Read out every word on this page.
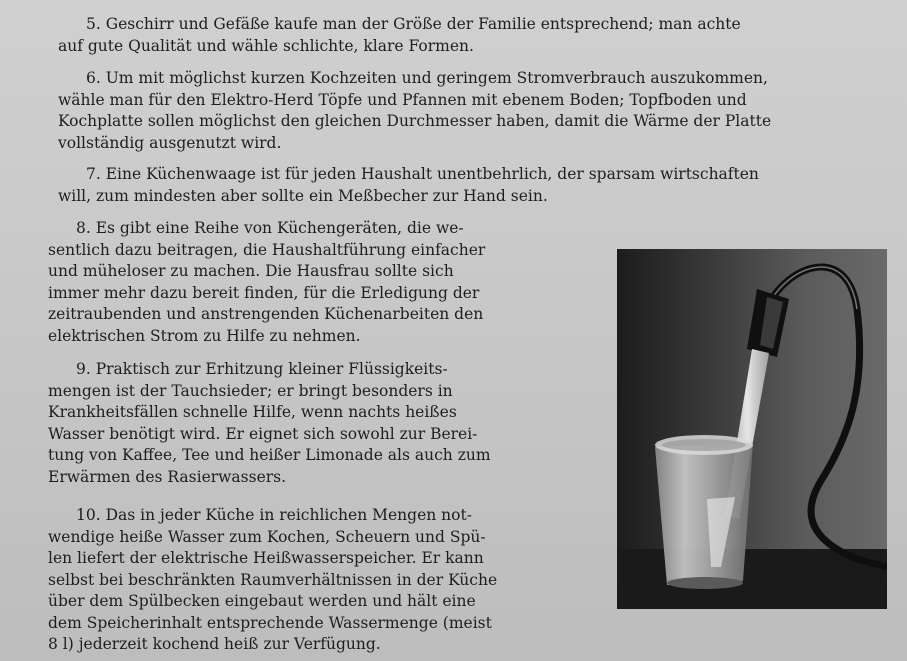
5. Geschirr und Gefäße kaufe man der Größe der Familie entsprechend; man achte
auf gute Qualität und wähle schlichte, klare Formen.
6. Um mit möglichst kurzen Kochzeiten und geringem Stromverbrauch auszukommen,
wähle man für den Elektro-Herd Töpfe und Pfannen mit ebenem Boden; Topfboden und
Kochplatte sollen möglichst den gleichen Durchmesser haben, damit die Wärme der Platte
vollständig ausgenutzt wird.
7. Eine Küchenwaage ist für jeden Haushalt unentbehrlich, der sparsam wirtschaften
will, zum mindesten aber sollte ein Meßbecher zur Hand sein.
8. Es gibt eine Reihe von Küchengeräten, die we-
sentlich dazu beitragen, die Haushaltführung einfacher
und müheloser zu machen. Die Hausfrau sollte sich
immer mehr dazu bereit finden, für die Erledigung der
zeitraubenden und anstrengenden Küchenarbeiten den
elektrischen Strom zu Hilfe zu nehmen.
9. Praktisch zur Erhitzung kleiner Flüssigkeits-
mengen ist der Tauchsieder; er bringt besonders in
Krankheitsfällen schnelle Hilfe, wenn nachts heißes
Wasser benötigt wird. Er eignet sich sowohl zur Berei-
tung von Kaffee, Tee und heißer Limonade als auch zum
Erwärmen des Rasierwassers.
10. Das in jeder Küche in reichlichen Mengen not-
wendige heiße Wasser zum Kochen, Scheuern und Spü-
len liefert der elektrische Heißwasserspeicher. Er kann
selbst bei beschränkten Raumverhältnissen in der Küche
über dem Spülbecken eingebaut werden und hält eine
dem Speicherinhalt entsprechende Wassermenge (meist
8 l) jederzeit kochend heiß zur Verfügung.
